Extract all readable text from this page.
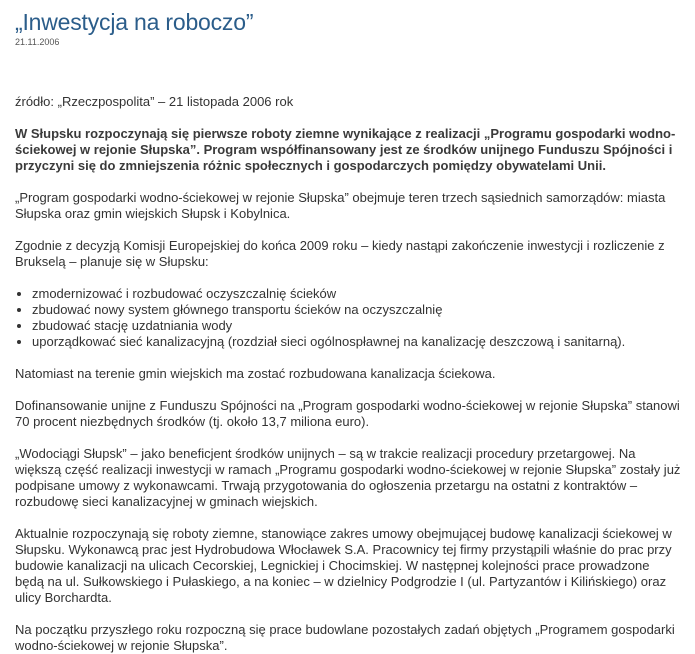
„Inwestycja na roboczo”
21.11.2006

źródło: „Rzeczpospolita” – 21 listopada 2006 rok

W Słupsku rozpoczynają się pierwsze roboty ziemne wynikające z realizacji „Programu gospodarki wodno-ściekowej w rejonie Słupska”. Program współfinansowany jest ze środków unijnego Funduszu Spójności i przyczyni się do zmniejszenia różnic społecznych i gospodarczych pomiędzy obywatelami Unii.

„Program gospodarki wodno-ściekowej w rejonie Słupska” obejmuje teren trzech sąsiednich samorządów: miasta Słupska oraz gmin wiejskich Słupsk i Kobylnica.

Zgodnie z decyzją Komisji Europejskiej do końca 2009 roku – kiedy nastąpi zakończenie inwestycji i rozliczenie z Brukselą – planuje się w Słupsku:

• zmodernizować i rozbudować oczyszczalnię ścieków
• zbudować nowy system głównego transportu ścieków na oczyszczalnię
• zbudować stację uzdatniania wody
• uporządkować sieć kanalizacyjną (rozdział sieci ogólnospławnej na kanalizację deszczową i sanitarną).

Natomiast na terenie gmin wiejskich ma zostać rozbudowana kanalizacja ściekowa.

Dofinansowanie unijne z Funduszu Spójności na „Program gospodarki wodno-ściekowej w rejonie Słupska” stanowi 70 procent niezbędnych środków (tj. około 13,7 miliona euro).

„Wodociągi Słupsk” – jako beneficjent środków unijnych – są w trakcie realizacji procedury przetargowej. Na większą część realizacji inwestycji w ramach „Programu gospodarki wodno-ściekowej w rejonie Słupska” zostały już podpisane umowy z wykonawcami. Trwają przygotowania do ogłoszenia przetargu na ostatni z kontraktów – rozbudowę sieci kanalizacyjnej w gminach wiejskich.

Aktualnie rozpoczynają się roboty ziemne, stanowiące zakres umowy obejmującej budowę kanalizacji ściekowej w Słupsku. Wykonawcą prac jest Hydrobudowa Włocławek S.A. Pracownicy tej firmy przystąpili właśnie do prac przy budowie kanalizacji na ulicach Cecorskiej, Legnickiej i Chocimskiej. W następnej kolejności prace prowadzone będą na ul. Sułkowskiego i Pułaskiego, a na koniec – w dzielnicy Podgrodzie I (ul. Partyzantów i Kilińskiego) oraz ulicy Borchardta.

Na początku przyszłego roku rozpoczną się prace budowlane pozostałych zadań objętych „Programem gospodarki wodno-ściekowej w rejonie Słupska”.
